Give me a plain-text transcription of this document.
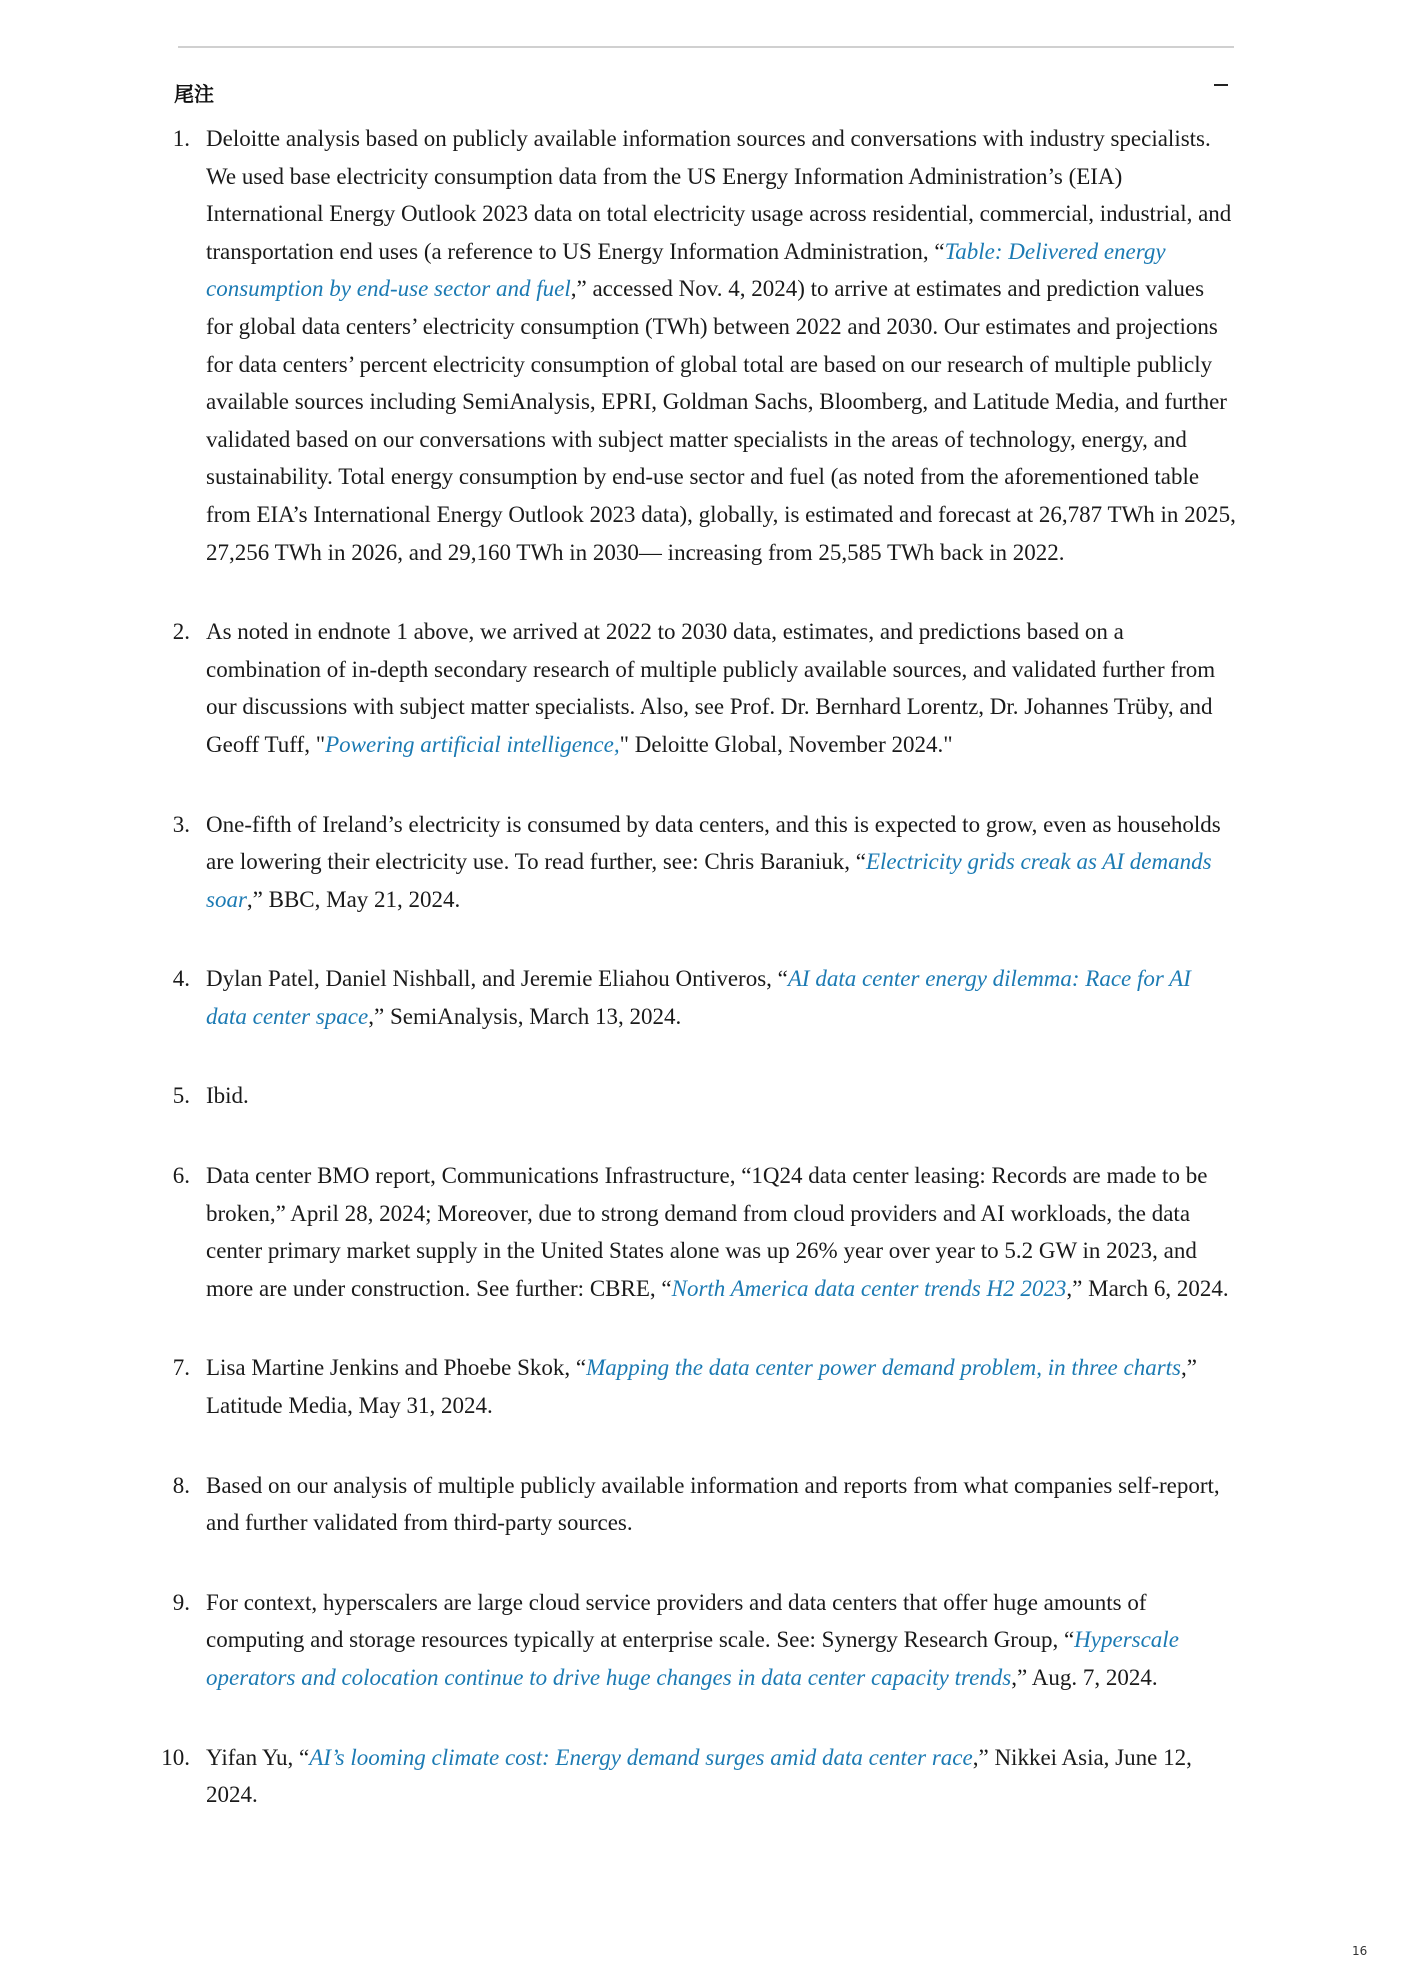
尾注
1. Deloitte analysis based on publicly available information sources and conversations with industry specialists. We used base electricity consumption data from the US Energy Information Administration’s (EIA) International Energy Outlook 2023 data on total electricity usage across residential, commercial, industrial, and transportation end uses (a reference to US Energy Information Administration, “Table: Delivered energy consumption by end-use sector and fuel,” accessed Nov. 4, 2024) to arrive at estimates and prediction values for global data centers’ electricity consumption (TWh) between 2022 and 2030. Our estimates and projections for data centers’ percent electricity consumption of global total are based on our research of multiple publicly available sources including SemiAnalysis, EPRI, Goldman Sachs, Bloomberg, and Latitude Media, and further validated based on our conversations with subject matter specialists in the areas of technology, energy, and sustainability. Total energy consumption by end-use sector and fuel (as noted from the aforementioned table from EIA’s International Energy Outlook 2023 data), globally, is estimated and forecast at 26,787 TWh in 2025, 27,256 TWh in 2026, and 29,160 TWh in 2030— increasing from 25,585 TWh back in 2022.
2. As noted in endnote 1 above, we arrived at 2022 to 2030 data, estimates, and predictions based on a combination of in-depth secondary research of multiple publicly available sources, and validated further from our discussions with subject matter specialists. Also, see Prof. Dr. Bernhard Lorentz, Dr. Johannes Trüby, and Geoff Tuff, "Powering artificial intelligence," Deloitte Global, November 2024."
3. One-fifth of Ireland’s electricity is consumed by data centers, and this is expected to grow, even as households are lowering their electricity use. To read further, see: Chris Baraniuk, “Electricity grids creak as AI demands soar,” BBC, May 21, 2024.
4. Dylan Patel, Daniel Nishball, and Jeremie Eliahou Ontiveros, “AI data center energy dilemma: Race for AI data center space,” SemiAnalysis, March 13, 2024.
5. Ibid.
6. Data center BMO report, Communications Infrastructure, “1Q24 data center leasing: Records are made to be broken,” April 28, 2024; Moreover, due to strong demand from cloud providers and AI workloads, the data center primary market supply in the United States alone was up 26% year over year to 5.2 GW in 2023, and more are under construction. See further: CBRE, “North America data center trends H2 2023,” March 6, 2024.
7. Lisa Martine Jenkins and Phoebe Skok, “Mapping the data center power demand problem, in three charts,” Latitude Media, May 31, 2024.
8. Based on our analysis of multiple publicly available information and reports from what companies self-report, and further validated from third-party sources.
9. For context, hyperscalers are large cloud service providers and data centers that offer huge amounts of computing and storage resources typically at enterprise scale. See: Synergy Research Group, “Hyperscale operators and colocation continue to drive huge changes in data center capacity trends,” Aug. 7, 2024.
10. Yifan Yu, “AI’s looming climate cost: Energy demand surges amid data center race,” Nikkei Asia, June 12, 2024.
16
